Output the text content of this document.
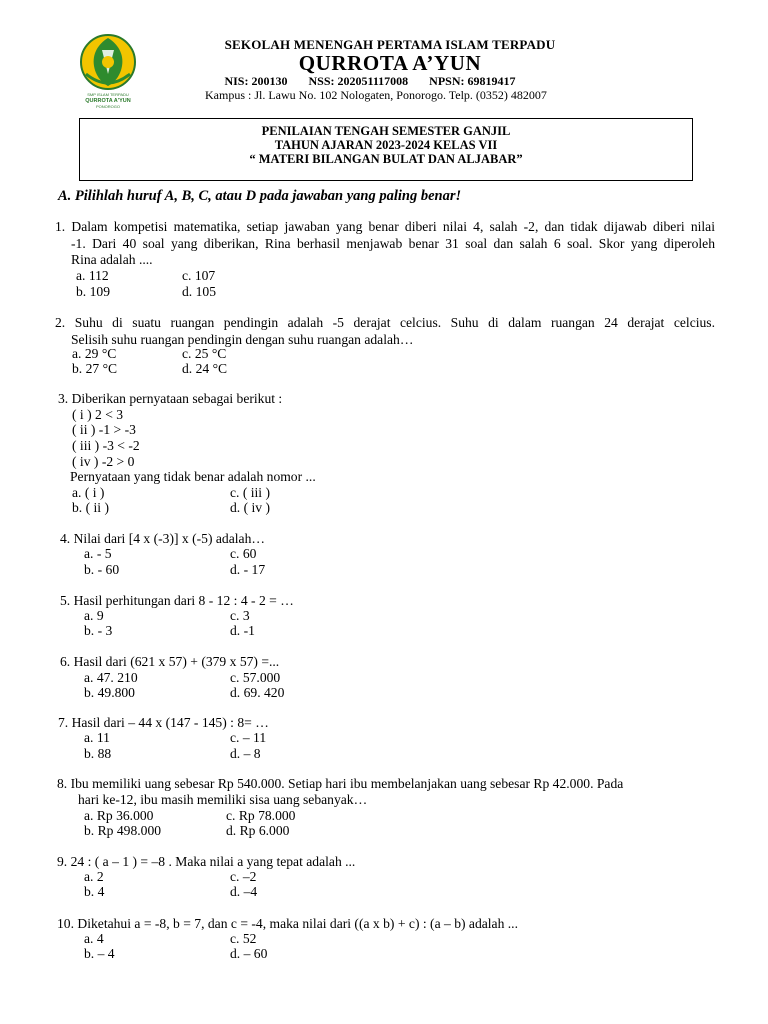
SMP ISLAM TERPADU
QURROTA A'YUN
PONOROGO
SEKOLAH MENENGAH PERTAMA ISLAM TERPADU
QURROTA A’YUN
NIS: 200130 NSS: 202051117008 NPSN: 69819417
Kampus : Jl. Lawu No. 102 Nologaten, Ponorogo. Telp. (0352) 482007
PENILAIAN TENGAH SEMESTER GANJIL
TAHUN AJARAN 2023-2024 KELAS VII
“ MATERI BILANGAN BULAT DAN ALJABAR”
A. Pilihlah huruf A, B, C, atau D pada jawaban yang paling benar!
1. Dalam kompetisi matematika, setiap jawaban yang benar diberi nilai 4, salah -2, dan tidak dijawab diberi nilai
-1. Dari 40 soal yang diberikan, Rina berhasil menjawab benar 31 soal dan salah 6 soal. Skor yang diperoleh
Rina adalah ....
a. 112	c. 107
b. 109	d. 105
2. Suhu di suatu ruangan pendingin adalah -5 derajat celcius. Suhu di dalam ruangan 24 derajat celcius.
Selisih suhu ruangan pendingin dengan suhu ruangan adalah…
a. 29 °C	c. 25 °C
b. 27 °C	d. 24 °C
3. Diberikan pernyataan sebagai berikut :
( i ) 2 < 3
( ii ) -1 > -3
( iii ) -3 < -2
( iv ) -2 > 0
Pernyataan yang tidak benar adalah nomor ...
a. ( i )	c. ( iii )
b. ( ii )	d. ( iv )
4. Nilai dari [4 x (-3)] x (-5) adalah…
a. - 5	c. 60
b. - 60	d. - 17
5. Hasil perhitungan dari 8 - 12 : 4 - 2 = …
a. 9	c. 3
b. - 3	d. -1
6. Hasil dari (621 x 57) + (379 x 57) =...
a. 47. 210	c. 57.000
b. 49.800	d. 69. 420
7. Hasil dari – 44 x (147 - 145) : 8= …
a. 11	c. – 11
b. 88	d. – 8
8. Ibu memiliki uang sebesar Rp 540.000. Setiap hari ibu membelanjakan uang sebesar Rp 42.000. Pada
hari ke-12, ibu masih memiliki sisa uang sebanyak…
a. Rp 36.000	c. Rp 78.000
b. Rp 498.000	d. Rp 6.000
9. 24 : ( a – 1 ) = –8 . Maka nilai a yang tepat adalah ...
a. 2	c. –2
b. 4	d. –4
10. Diketahui a = -8, b = 7, dan c = -4, maka nilai dari ((a x b) + c) : (a – b) adalah ...
a. 4	c. 52
b. – 4	d. – 60
